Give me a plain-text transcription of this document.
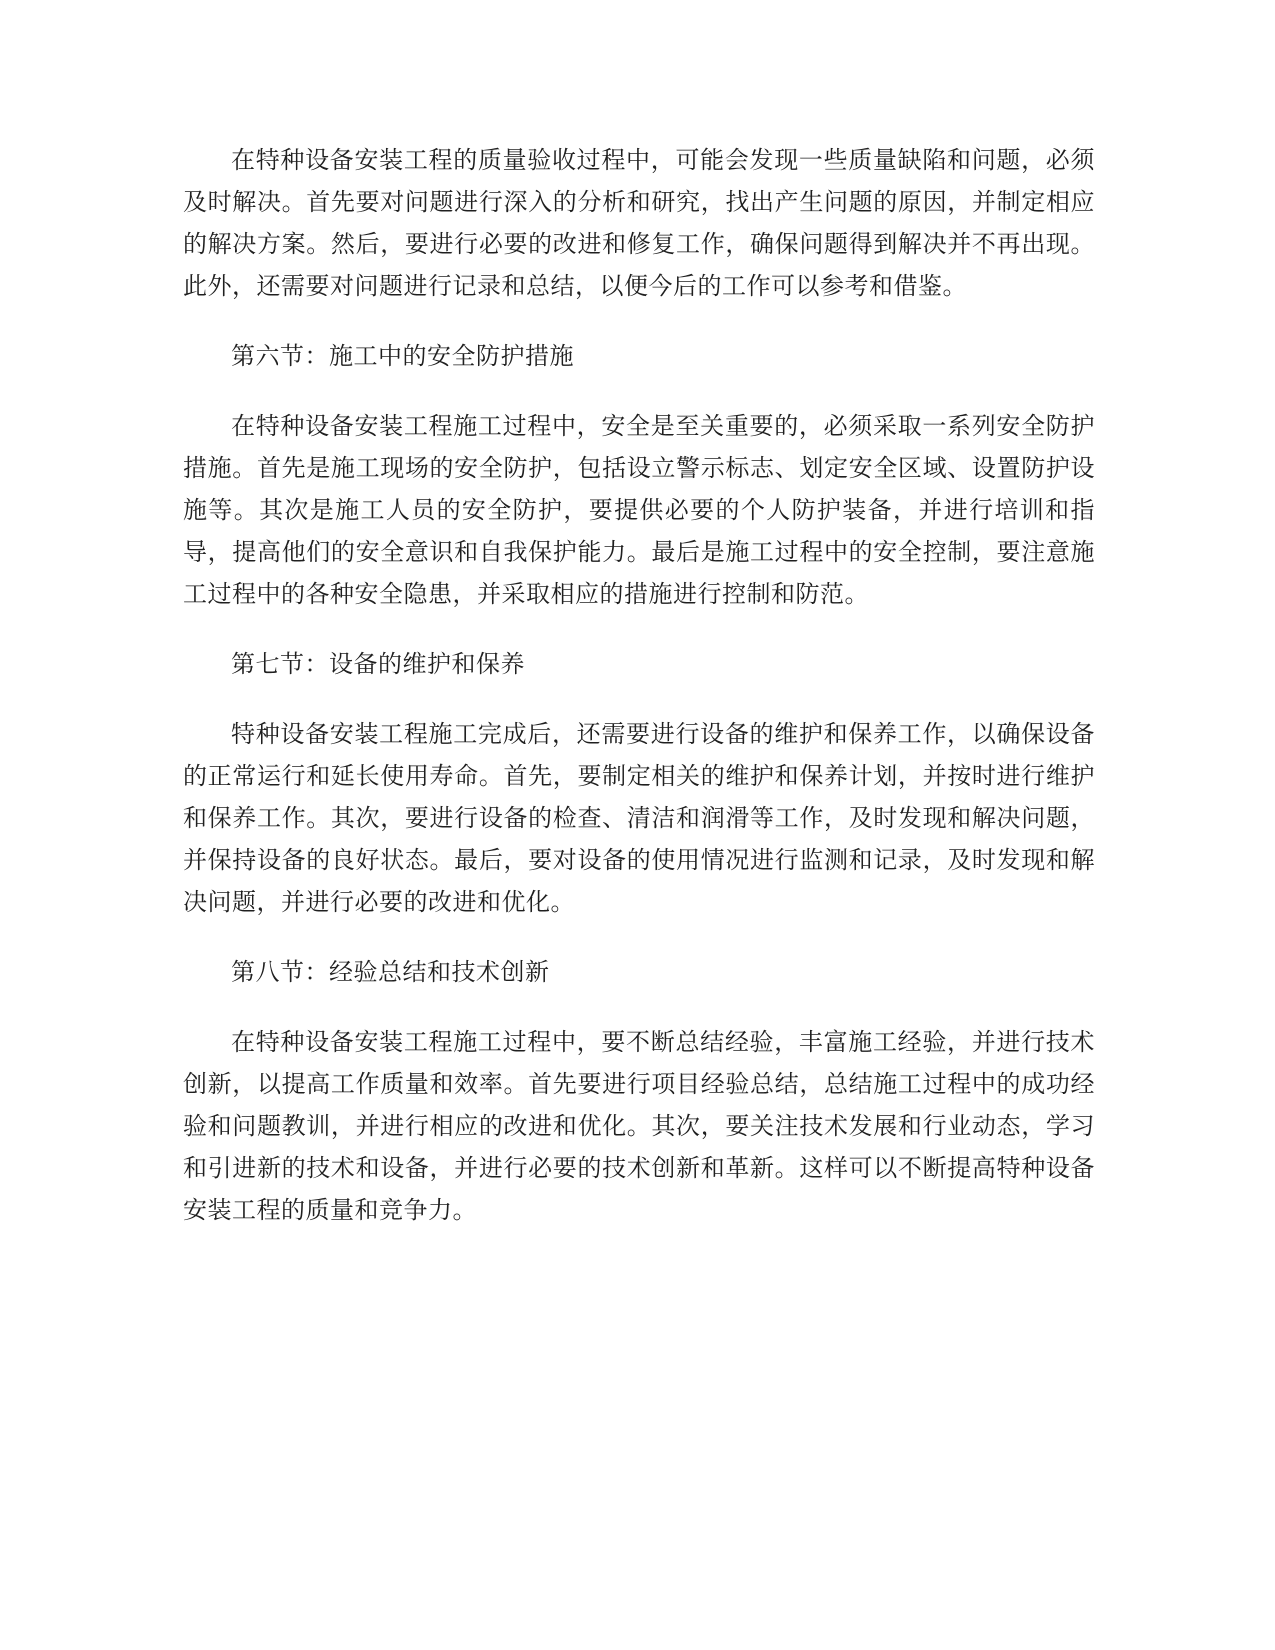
在特种设备安装工程的质量验收过程中，可能会发现一些质量缺陷和问题，必须及时解决。首先要对问题进行深入的分析和研究，找出产生问题的原因，并制定相应的解决方案。然后，要进行必要的改进和修复工作，确保问题得到解决并不再出现。此外，还需要对问题进行记录和总结，以便今后的工作可以参考和借鉴。

第六节：施工中的安全防护措施

在特种设备安装工程施工过程中，安全是至关重要的，必须采取一系列安全防护措施。首先是施工现场的安全防护，包括设立警示标志、划定安全区域、设置防护设施等。其次是施工人员的安全防护，要提供必要的个人防护装备，并进行培训和指导，提高他们的安全意识和自我保护能力。最后是施工过程中的安全控制，要注意施工过程中的各种安全隐患，并采取相应的措施进行控制和防范。

第七节：设备的维护和保养

特种设备安装工程施工完成后，还需要进行设备的维护和保养工作，以确保设备的正常运行和延长使用寿命。首先，要制定相关的维护和保养计划，并按时进行维护和保养工作。其次，要进行设备的检查、清洁和润滑等工作，及时发现和解决问题，并保持设备的良好状态。最后，要对设备的使用情况进行监测和记录，及时发现和解决问题，并进行必要的改进和优化。

第八节：经验总结和技术创新

在特种设备安装工程施工过程中，要不断总结经验，丰富施工经验，并进行技术创新，以提高工作质量和效率。首先要进行项目经验总结，总结施工过程中的成功经验和问题教训，并进行相应的改进和优化。其次，要关注技术发展和行业动态，学习和引进新的技术和设备，并进行必要的技术创新和革新。这样可以不断提高特种设备安装工程的质量和竞争力。
